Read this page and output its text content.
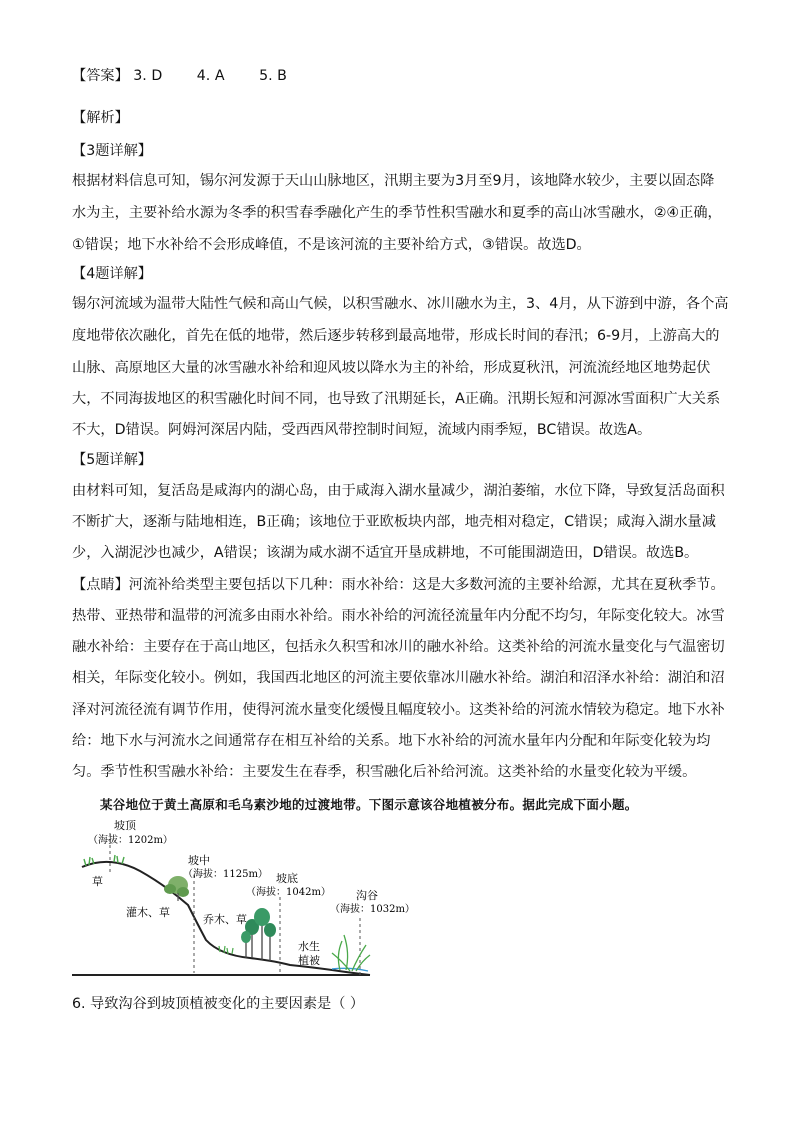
【答案】 3. D 4. A 5. B
【解析】
【3题详解】
根据材料信息可知，锡尔河发源于天山山脉地区，汛期主要为3月至9月，该地降水较少，主要以固态降
水为主，主要补给水源为冬季的积雪春季融化产生的季节性积雪融水和夏季的高山冰雪融水，②④正确，
①错误；地下水补给不会形成峰值，不是该河流的主要补给方式，③错误。故选D。
【4题详解】
锡尔河流域为温带大陆性气候和高山气候，以积雪融水、冰川融水为主，3、4月，从下游到中游，各个高
度地带依次融化，首先在低的地带，然后逐步转移到最高地带，形成长时间的春汛；6-9月，上游高大的
山脉、高原地区大量的冰雪融水补给和迎风坡以降水为主的补给，形成夏秋汛，河流流经地区地势起伏
大，不同海拔地区的积雪融化时间不同，也导致了汛期延长，A正确。汛期长短和河源冰雪面积广大关系
不大，D错误。阿姆河深居内陆，受西西风带控制时间短，流域内雨季短，BC错误。故选A。
【5题详解】
由材料可知，复活岛是咸海内的湖心岛，由于咸海入湖水量减少，湖泊萎缩，水位下降，导致复活岛面积
不断扩大，逐渐与陆地相连，B正确；该地位于亚欧板块内部，地壳相对稳定，C错误；咸海入湖水量减
少，入湖泥沙也减少，A错误；该湖为咸水湖不适宜开垦成耕地，不可能围湖造田，D错误。故选B。
【点睛】河流补给类型主要包括以下几种：雨水补给：这是大多数河流的主要补给源，尤其在夏秋季节。
热带、亚热带和温带的河流多由雨水补给。雨水补给的河流径流量年内分配不均匀，年际变化较大。冰雪
融水补给：主要存在于高山地区，包括永久积雪和冰川的融水补给。这类补给的河流水量变化与气温密切
相关，年际变化较小。例如，我国西北地区的河流主要依靠冰川融水补给。湖泊和沼泽水补给：湖泊和沼
泽对河流径流有调节作用，使得河流水量变化缓慢且幅度较小。这类补给的河流水情较为稳定。地下水补
给：地下水与河流水之间通常存在相互补给的关系。地下水补给的河流水量年内分配和年际变化较为均
匀。季节性积雪融水补给：主要发生在春季，积雪融化后补给河流。这类补给的水量变化较为平缓。
某谷地位于黄土高原和毛乌素沙地的过渡地带。下图示意该谷地植被分布。据此完成下面小题。
坡顶
（海拔：1202m）
草
坡中
（海拔：1125m）
灌木、草
乔木、草
坡底
（海拔：1042m） 沟谷
（海拔：1032m）
水生
植被
6. 导致沟谷到坡顶植被变化的主要因素是（ ）
